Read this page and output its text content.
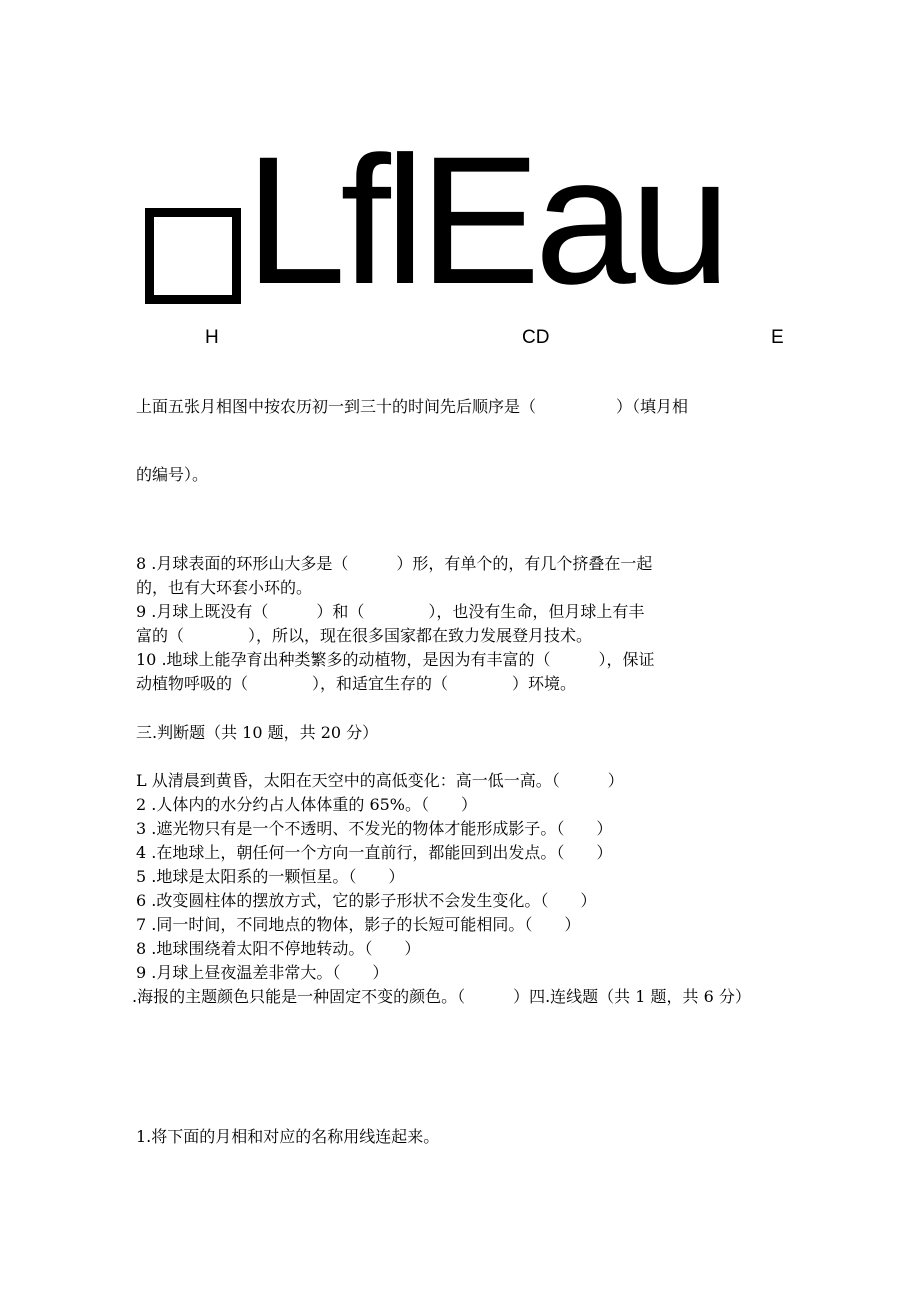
LflEau
H	CD	E
上面五张月相图中按农历初一到三十的时间先后顺序是（　　　　　）（填月相
的编号）。
8 .月球表面的环形山大多是（　　　）形，有单个的，有几个挤叠在一起
的，也有大环套小环的。
9 .月球上既没有（　　　）和（　　　　），也没有生命，但月球上有丰
富的（　　　　），所以，现在很多国家都在致力发展登月技术。
10 .地球上能孕育出种类繁多的动植物，是因为有丰富的（　　　），保证
动植物呼吸的（　　　　），和适宜生存的（　　　　）环境。
三.判断题（共 10 题，共 20 分）
L 从清晨到黄昏，太阳在天空中的高低变化：高一低一高。（　　　）
2 .人体内的水分约占人体体重的 65%。（　　）
3 .遮光物只有是一个不透明、不发光的物体才能形成影子。（　　）
4 .在地球上，朝任何一个方向一直前行，都能回到出发点。（　　）
5 .地球是太阳系的一颗恒星。（　　）
6 .改变圆柱体的摆放方式，它的影子形状不会发生变化。（　　）
7 .同一时间，不同地点的物体，影子的长短可能相同。（　　）
8 .地球围绕着太阳不停地转动。（　　）
9 .月球上昼夜温差非常大。（　　）
.海报的主题颜色只能是一种固定不变的颜色。（　　　）四.连线题（共 1 题，共 6 分）
1.将下面的月相和对应的名称用线连起来。
